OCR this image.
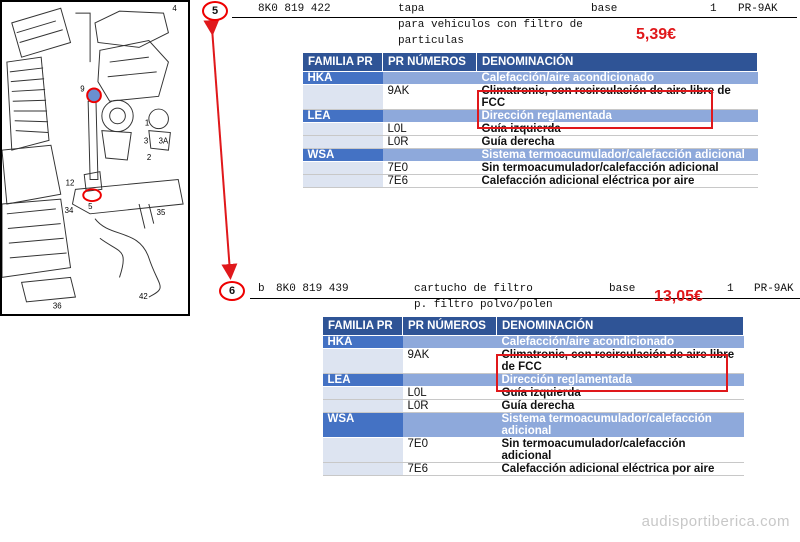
4
9
1
3 3A
2
12
5
34	35
42
36
5	8K0 819 422	tapa
para vehiculos con filtro de
particulas
base	1 PR-9AK
5,39€
FAMILIA PR	PR NÚMEROS	DENOMINACIÓN
HKA		Calefacción/aire acondicionado
	9AK	Climatronic, con recirculación de aire libre de FCC
LEA		Dirección reglamentada
	L0L	Guía izquierda
	L0R	Guía derecha
WSA		Sistema termoacumulador/calefacción adicional
	7E0	Sin termoacumulador/calefacción adicional
	7E6	Calefacción adicional eléctrica por aire
6	b 8K0 819 439	cartucho de filtro
p. filtro polvo/polen
base	1 PR-9AK
13,05€
FAMILIA PR	PR NÚMEROS	DENOMINACIÓN
HKA		Calefacción/aire acondicionado
	9AK	Climatronic, con recirculación de aire libre de FCC
LEA		Dirección reglamentada
	L0L	Guía izquierda
	L0R	Guía derecha
WSA		Sistema termoacumulador/calefacción adicional
	7E0	Sin termoacumulador/calefacción adicional
	7E6	Calefacción adicional eléctrica por aire
audisportiberica.com
